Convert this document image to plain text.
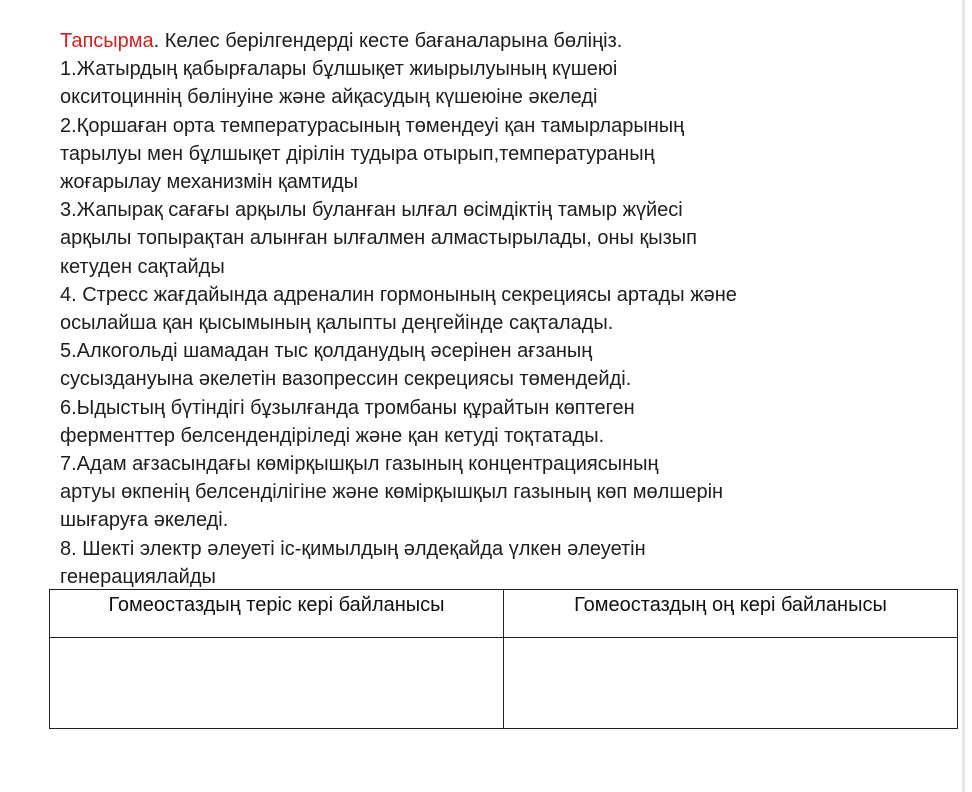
Тапсырма. Келес берілгендерді кесте бағаналарына бөліңіз.
1.Жатырдың қабырғалары бұлшықет жиырылуының күшеюі
окситоциннің бөлінуіне және айқасудың күшеюіне әкеледі
2.Қоршаған орта температурасының төмендеуі қан тамырларының
тарылуы мен бұлшықет дірілін тудыра отырып,температураның
жоғарылау механизмін қамтиды
3.Жапырақ сағағы арқылы буланған ылғал өсімдіктің тамыр жүйесі
арқылы топырақтан алынған ылғалмен алмастырылады, оны қызып
кетуден сақтайды
4. Стресс жағдайында адреналин гормонының секрециясы артады және
осылайша қан қысымының қалыпты деңгейінде сақталады.
5.Алкогольді шамадан тыс қолданудың әсерінен ағзаның
сусыздануына әкелетін вазопрессин секрециясы төмендейді.
6.Ыдыстың бүтіндігі бұзылғанда тромбаны құрайтын көптеген
ферменттер белсендендіріледі және қан кетуді тоқтатады.
7.Адам ағзасындағы көмірқышқыл газының концентрациясының
артуы өкпенің белсенділігіне және көмірқышқыл газының көп мөлшерін
шығаруға әкеледі.
8. Шекті электр әлеуеті іс-қимылдың әлдеқайда үлкен әлеуетін
генерациялайды
Гомеостаздың теріс кері байланысы	Гомеостаздың оң кері байланысы
